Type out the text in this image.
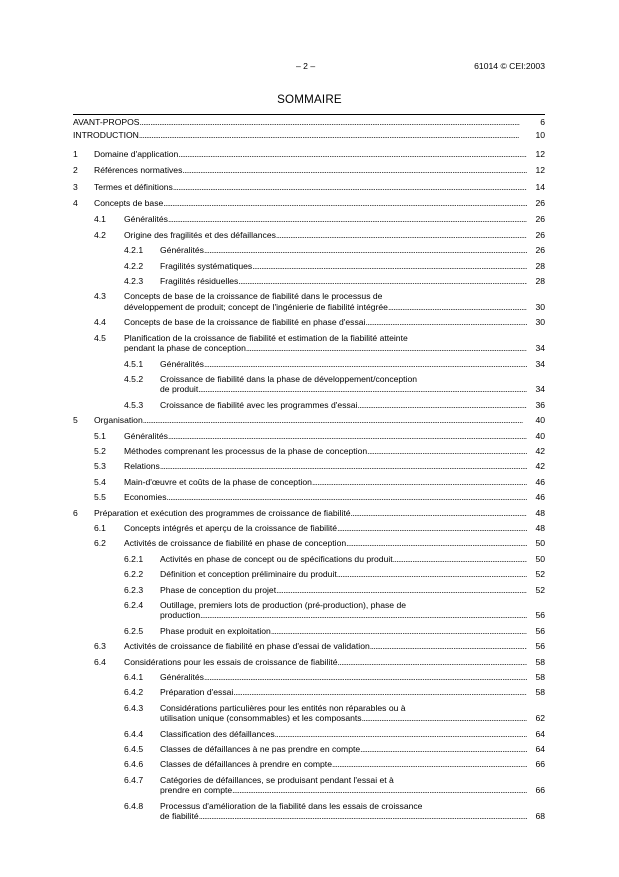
– 2 –	61014 © CEI:2003
SOMMAIRE
AVANT-PROPOS . . .	6
INTRODUCTION . . .	10
1 Domaine d'application . . .	12
2 Références normatives . . .	12
3 Termes et définitions . . .	14
4 Concepts de base . . .	26
4.1 Généralités . . .	26
4.2 Origine des fragilités et des défaillances . . .	26
4.2.1 Généralités . . .	26
4.2.2 Fragilités systématiques . . .	28
4.2.3 Fragilités résiduelles . . .	28
4.3 Concepts de base de la croissance de fiabilité dans le processus de
développement de produit; concept de l'ingénierie de fiabilité intégrée . . .	30
4.4 Concepts de base de la croissance de fiabilité en phase d'essai . . .	30
4.5 Planification de la croissance de fiabilité et estimation de la fiabilité atteinte
pendant la phase de conception . . .	34
4.5.1 Généralités . . .	34
4.5.2 Croissance de fiabilité dans la phase de développement/conception
de produit . . .	34
4.5.3 Croissance de fiabilité avec les programmes d'essai . . .	36
5 Organisation . . .	40
5.1 Généralités . . .	40
5.2 Méthodes comprenant les processus de la phase de conception . . .	42
5.3 Relations . . .	42
5.4 Main-d'œuvre et coûts de la phase de conception . . .	46
5.5 Economies . . .	46
6 Préparation et exécution des programmes de croissance de fiabilité . . .	48
6.1 Concepts intégrés et aperçu de la croissance de fiabilité . . .	48
6.2 Activités de croissance de fiabilité en phase de conception . . .	50
6.2.1 Activités en phase de concept ou de spécifications du produit . . .	50
6.2.2 Définition et conception préliminaire du produit . . .	52
6.2.3 Phase de conception du projet . . .	52
6.2.4 Outillage, premiers lots de production (pré-production), phase de
production . . .	56
6.2.5 Phase produit en exploitation . . .	56
6.3 Activités de croissance de fiabilité en phase d'essai de validation . . .	56
6.4 Considérations pour les essais de croissance de fiabilité . . .	58
6.4.1 Généralités . . .	58
6.4.2 Préparation d'essai . . .	58
6.4.3 Considérations particulières pour les entités non réparables ou à
utilisation unique (consommables) et les composants . . .	62
6.4.4 Classification des défaillances . . .	64
6.4.5 Classes de défaillances à ne pas prendre en compte . . .	64
6.4.6 Classes de défaillances à prendre en compte . . .	66
6.4.7 Catégories de défaillances, se produisant pendant l'essai et à
prendre en compte . . .	66
6.4.8 Processus d'amélioration de la fiabilité dans les essais de croissance
de fiabilité . . .	68
